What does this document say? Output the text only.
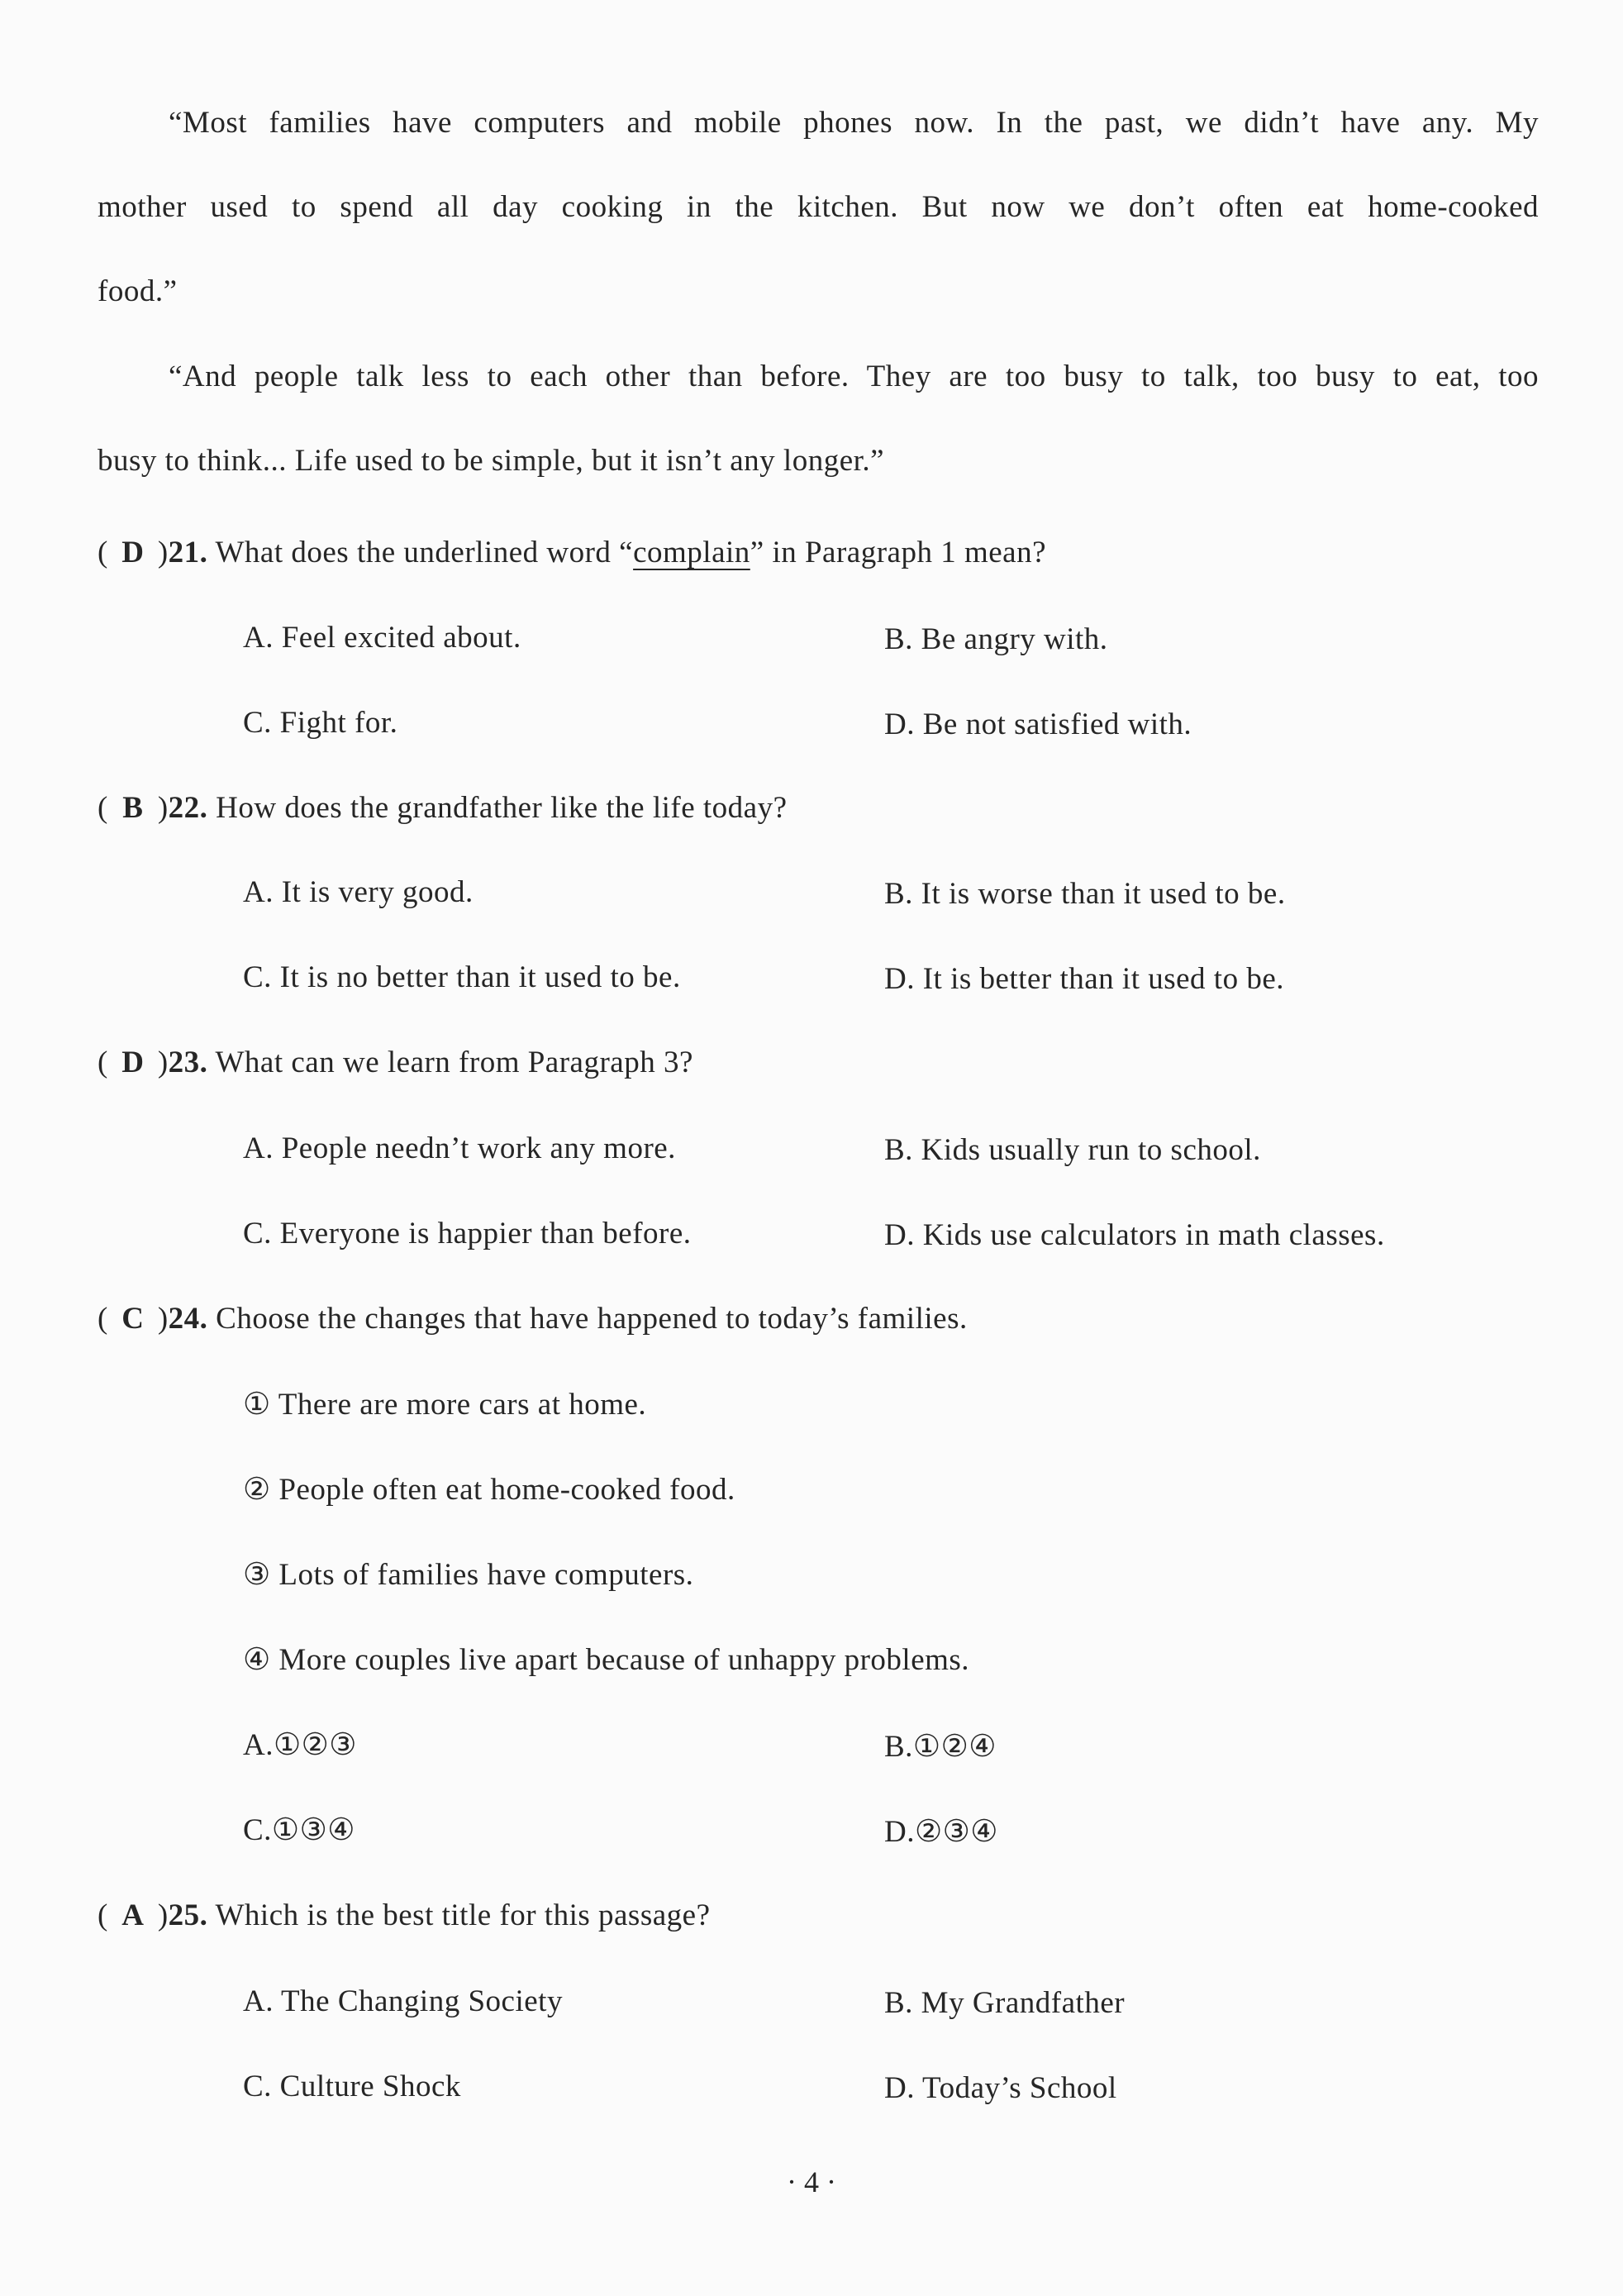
“Most families have computers and mobile phones now. In the past, we didn’t have any. My
mother used to spend all day cooking in the kitchen. But now we don’t often eat home-cooked
food.”
“And people talk less to each other than before. They are too busy to talk, too busy to eat, too
busy to think... Life used to be simple, but it isn’t any longer.”
( D )21. What does the underlined word “complain” in Paragraph 1 mean?
A. Feel excited about.	B. Be angry with.
C. Fight for.	D. Be not satisfied with.
( B )22. How does the grandfather like the life today?
A. It is very good.	B. It is worse than it used to be.
C. It is no better than it used to be.	D. It is better than it used to be.
( D )23. What can we learn from Paragraph 3?
A. People needn’t work any more.	B. Kids usually run to school.
C. Everyone is happier than before.	D. Kids use calculators in math classes.
( C )24. Choose the changes that have happened to today’s families.
① There are more cars at home.
② People often eat home-cooked food.
③ Lots of families have computers.
④ More couples live apart because of unhappy problems.
A.①②③	B.①②④
C.①③④	D.②③④
( A )25. Which is the best title for this passage?
A. The Changing Society	B. My Grandfather
C. Culture Shock	D. Today’s School
· 4 ·
